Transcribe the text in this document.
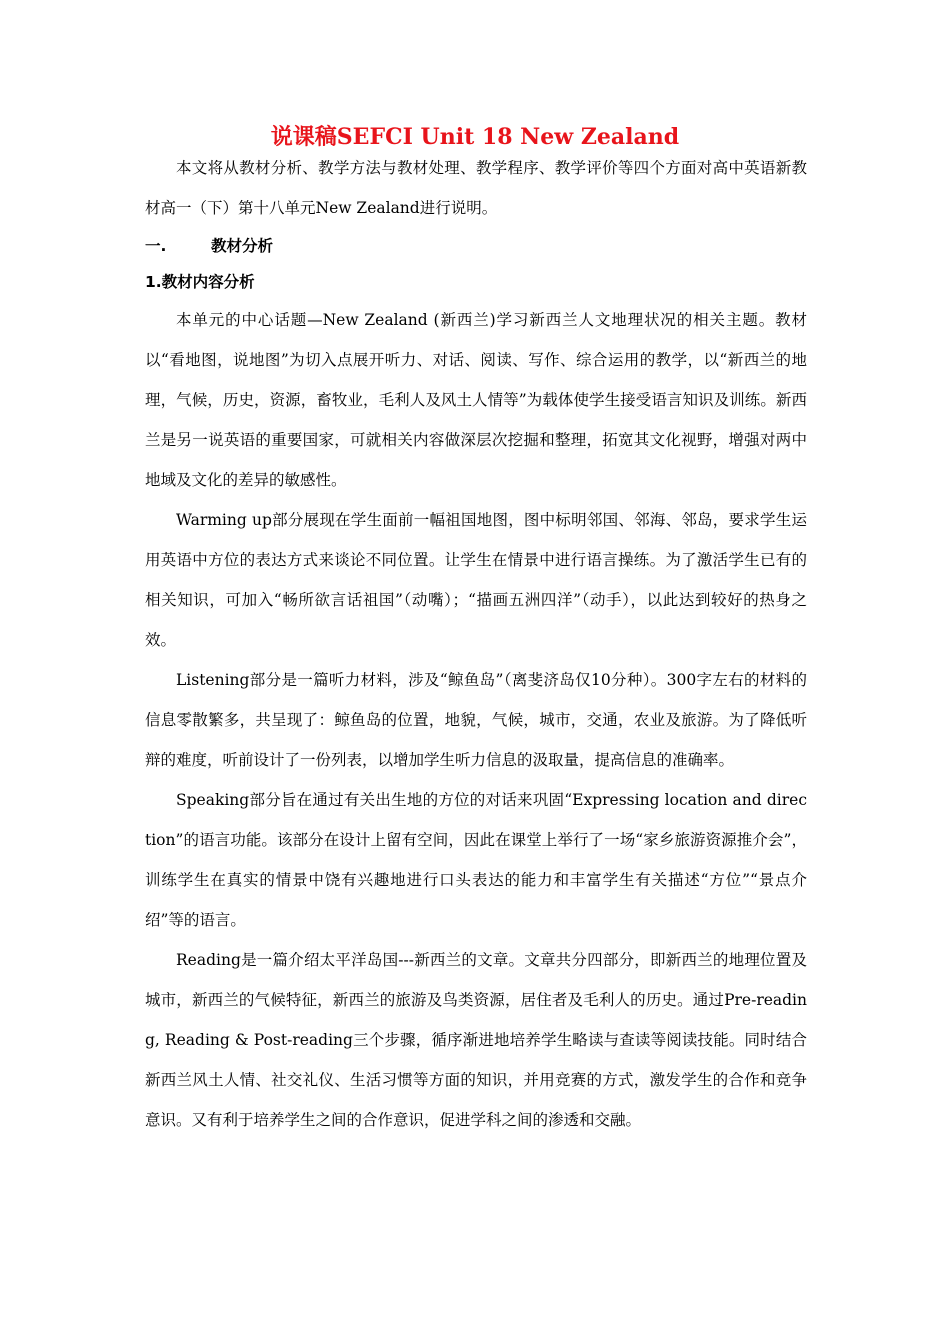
说课稿SEFCI Unit 18 New Zealand

本文将从教材分析、教学方法与教材处理、教学程序、教学评价等四个方面对高中英语新教材高一（下）第十八单元New Zealand进行说明。

一.	教材分析
1.教材内容分析

本单元的中心话题—New Zealand (新西兰)学习新西兰人文地理状况的相关主题。教材以“看地图，说地图”为切入点展开听力、对话、阅读、写作、综合运用的教学，以“新西兰的地理，气候，历史，资源，畜牧业，毛利人及风土人情等”为载体使学生接受语言知识及训练。新西兰是另一说英语的重要国家，可就相关内容做深层次挖掘和整理，拓宽其文化视野，增强对两中地域及文化的差异的敏感性。

Warming up部分展现在学生面前一幅祖国地图，图中标明邻国、邻海、邻岛，要求学生运用英语中方位的表达方式来谈论不同位置。让学生在情景中进行语言操练。为了激活学生已有的相关知识，可加入“畅所欲言话祖国”（动嘴）；“描画五洲四洋”（动手），以此达到较好的热身之效。

Listening部分是一篇听力材料，涉及“鲸鱼岛”（离斐济岛仅10分种）。300字左右的材料的信息零散繁多，共呈现了：鲸鱼岛的位置，地貌，气候，城市，交通，农业及旅游。为了降低听辩的难度，听前设计了一份列表，以增加学生听力信息的汲取量，提高信息的准确率。

Speaking部分旨在通过有关出生地的方位的对话来巩固“Expressing location and direction”的语言功能。该部分在设计上留有空间，因此在课堂上举行了一场“家乡旅游资源推介会”，训练学生在真实的情景中饶有兴趣地进行口头表达的能力和丰富学生有关描述“方位”“景点介绍”等的语言。

Reading是一篇介绍太平洋岛国---新西兰的文章。文章共分四部分，即新西兰的地理位置及城市，新西兰的气候特征，新西兰的旅游及鸟类资源，居住者及毛利人的历史。通过Pre-reading, Reading & Post-reading三个步骤，循序渐进地培养学生略读与查读等阅读技能。同时结合新西兰风土人情、社交礼仪、生活习惯等方面的知识，并用竞赛的方式，激发学生的合作和竞争意识。又有利于培养学生之间的合作意识，促进学科之间的渗透和交融。
